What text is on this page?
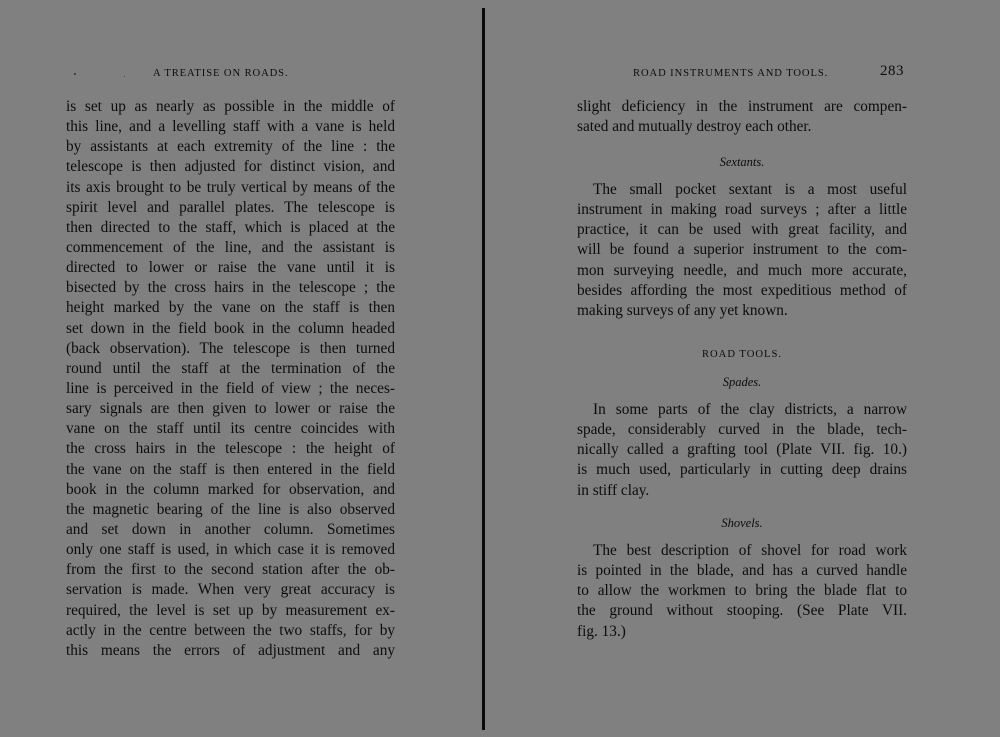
A TREATISE ON ROADS.
is set up as nearly as possible in the middle of
this line, and a levelling staff with a vane is held
by assistants at each extremity of the line : the
telescope is then adjusted for distinct vision, and
its axis brought to be truly vertical by means of the
spirit level and parallel plates. The telescope is
then directed to the staff, which is placed at the
commencement of the line, and the assistant is
directed to lower or raise the vane until it is
bisected by the cross hairs in the telescope ; the
height marked by the vane on the staff is then
set down in the field book in the column headed
(back observation). The telescope is then turned
round until the staff at the termination of the
line is perceived in the field of view ; the neces-
sary signals are then given to lower or raise the
vane on the staff until its centre coincides with
the cross hairs in the telescope : the height of
the vane on the staff is then entered in the field
book in the column marked for observation, and
the magnetic bearing of the line is also observed
and set down in another column. Sometimes
only one staff is used, in which case it is removed
from the first to the second station after the ob-
servation is made. When very great accuracy is
required, the level is set up by measurement ex-
actly in the centre between the two staffs, for by
this means the errors of adjustment and any
ROAD INSTRUMENTS AND TOOLS.	283
slight deficiency in the instrument are compen-
sated and mutually destroy each other.
Sextants.
The small pocket sextant is a most useful
instrument in making road surveys ; after a little
practice, it can be used with great facility, and
will be found a superior instrument to the com-
mon surveying needle, and much more accurate,
besides affording the most expeditious method of
making surveys of any yet known.
ROAD TOOLS.
Spades.
In some parts of the clay districts, a narrow
spade, considerably curved in the blade, tech-
nically called a grafting tool (Plate VII. fig. 10.)
is much used, particularly in cutting deep drains
in stiff clay.
Shovels.
The best description of shovel for road work
is pointed in the blade, and has a curved handle
to allow the workmen to bring the blade flat to
the ground without stooping. (See Plate VII.
fig. 13.)
